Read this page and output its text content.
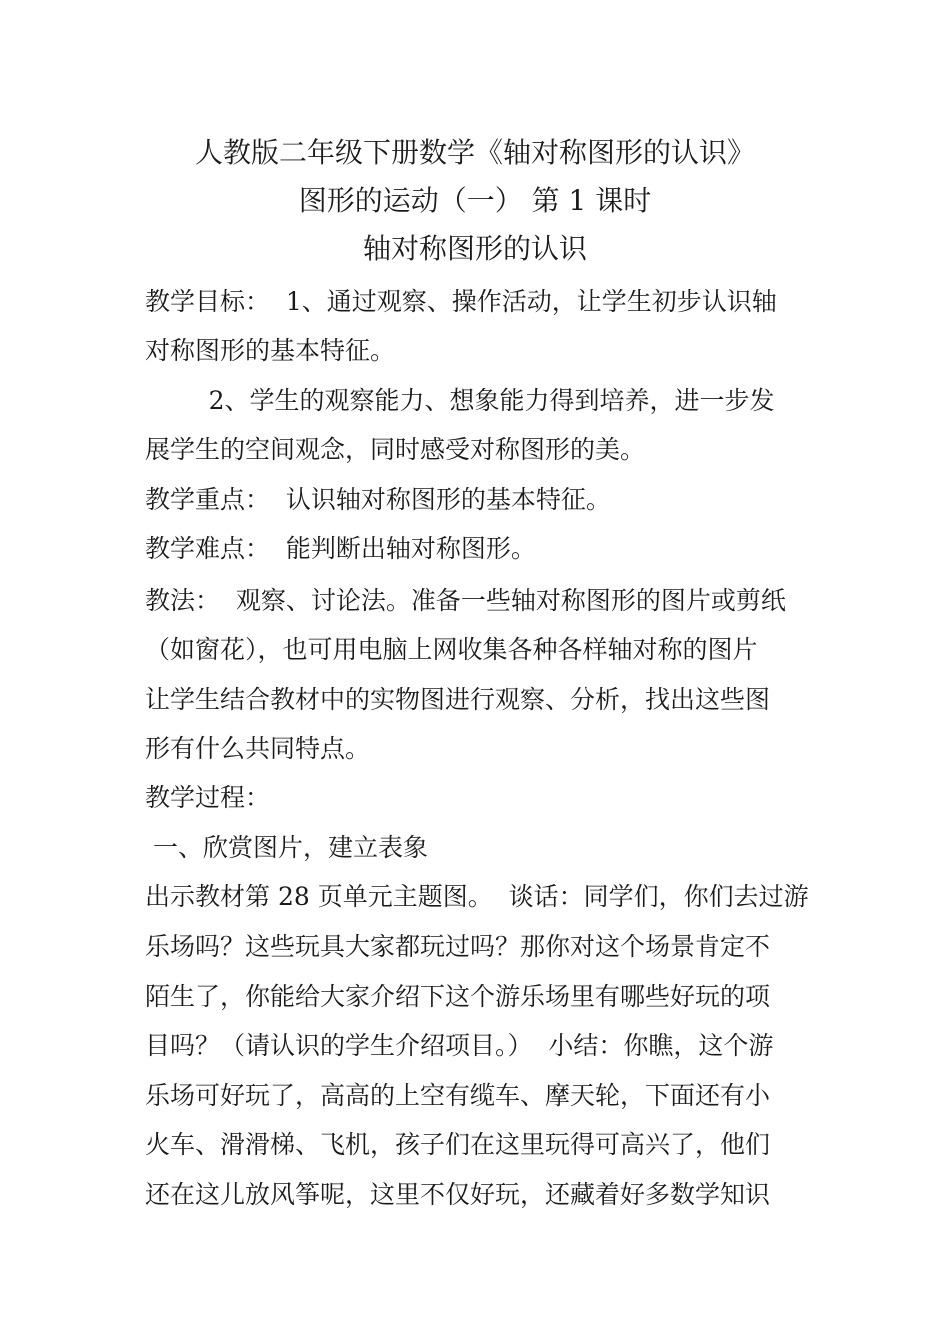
人教版二年级下册数学《轴对称图形的认识》
图形的运动（一） 第 1 课时
轴对称图形的认识
教学目标：  1、通过观察、操作活动，让学生初步认识轴
对称图形的基本特征。
2、学生的观察能力、想象能力得到培养，进一步发
展学生的空间观念，同时感受对称图形的美。
教学重点：  认识轴对称图形的基本特征。
教学难点：  能判断出轴对称图形。
教法：  观察、讨论法。准备一些轴对称图形的图片或剪纸
（如窗花），也可用电脑上网收集各种各样轴对称的图片
让学生结合教材中的实物图进行观察、分析，找出这些图
形有什么共同特点。
教学过程：
一、欣赏图片，建立表象
出示教材第 28 页单元主题图。  谈话：同学们，你们去过游
乐场吗？这些玩具大家都玩过吗？那你对这个场景肯定不
陌生了，你能给大家介绍下这个游乐场里有哪些好玩的项
目吗？（请认识的学生介绍项目。）  小结：你瞧，这个游
乐场可好玩了，高高的上空有缆车、摩天轮，下面还有小
火车、滑滑梯、飞机，孩子们在这里玩得可高兴了，他们
还在这儿放风筝呢，这里不仅好玩，还藏着好多数学知识
